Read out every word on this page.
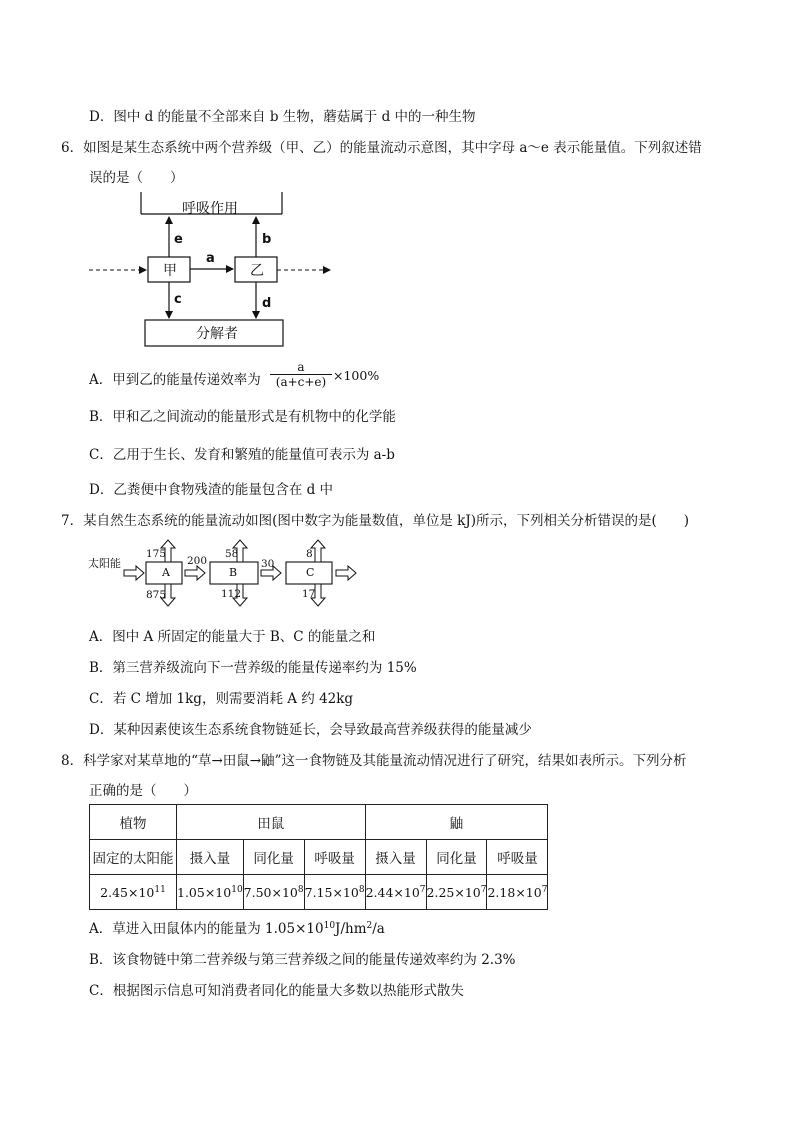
D．图中 d 的能量不全部来自 b 生物，蘑菇属于 d 中的一种生物
6．如图是某生态系统中两个营养级（甲、乙）的能量流动示意图，其中字母 a～e 表示能量值。下列叙述错
误的是（　　）
呼吸作用
分解者
甲	乙
a
e	b
c	d
A．甲到乙的能量传递效率为 $\frac{a}{(a+c+e)} \times 100\%$
B．甲和乙之间流动的能量形式是有机物中的化学能
C．乙用于生长、发育和繁殖的能量值可表示为 a-b
D．乙粪便中食物残渣的能量包含在 d 中
7．某自然生态系统的能量流动如图(图中数字为能量数值，单位是 kJ)所示，下列相关分析错误的是(　　)
太阳能
A	B	C
175
875
200
58
112
30
8
17
A．图中 A 所固定的能量大于 B、C 的能量之和
B．第三营养级流向下一营养级的能量传递率约为 15%
C．若 C 增加 1kg，则需要消耗 A 约 42kg
D．某种因素使该生态系统食物链延长，会导致最高营养级获得的能量减少
8．科学家对某草地的“草→田鼠→鼬”这一食物链及其能量流动情况进行了研究，结果如表所示。下列分析
正确的是（　　）
植物	田鼠			鼬		
固定的太阳能	摄入量	同化量	呼吸量	摄入量	同化量	呼吸量
$2.45\times 10^{11}$	$1.05\times 10^{10}$	$7.50\times 10^8$	$7.15\times 10^8$	$2.44\times 10^7$	$2.25\times 10^7$	$2.18\times 10^7$
A．草进入田鼠体内的能量为 $1.05\times 10^{10}J/hm^2/a$
B．该食物链中第二营养级与第三营养级之间的能量传递效率约为 2.3%
C．根据图示信息可知消费者同化的能量大多数以热能形式散失
